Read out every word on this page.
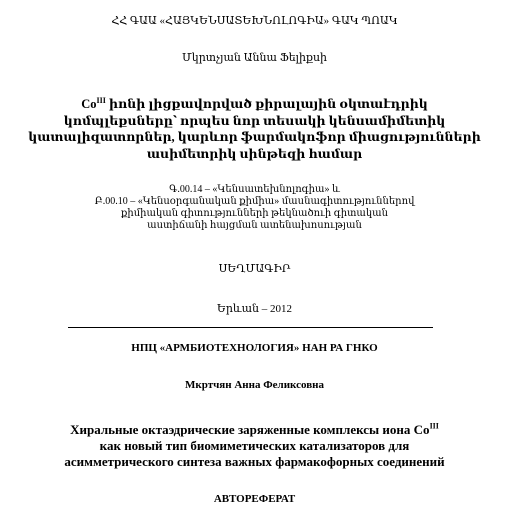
ՀՀ ԳԱԱ «ՀԱՅԿԵՆՍԱՏԵԽՆՈԼՈԳԻԱ» ԳԱԿ ՊՈԱԿ
Մկրտչյան Աննա Ֆելիքսի
$Co^{III}$ իոնի լիցքավորված քիրալային օկտաէդրիկ
կոմպլեքսները՝ որպես նոր տեսակի կենսամիմետիկ
կատալիզատորներ, կարևոր ֆարմակոֆոր միացությունների
ասիմետրիկ սինթեզի համար
Գ.00.14 – «Կենսատեխնոլոգիա» և
Բ.00.10 – «Կենսօրգանական քիմիա» մասնագիտություններով
քիմիական գիտությունների թեկնածուի գիտական
աստիճանի հայցման ատենախոսության
ՍԵՂՄԱԳԻՐ
Երևան – 2012
НПЦ «АРМБИОТЕХНОЛОГИЯ» НАН РА ГНКО
Мкртчян Анна Феликсовна
Хиральные октаэдрические заряженные комплексы иона $Co^{III}$
как новый тип биомиметических катализаторов для
асимметрического синтеза важных фармакофорных соединений
АВТОРЕФЕРАТ
